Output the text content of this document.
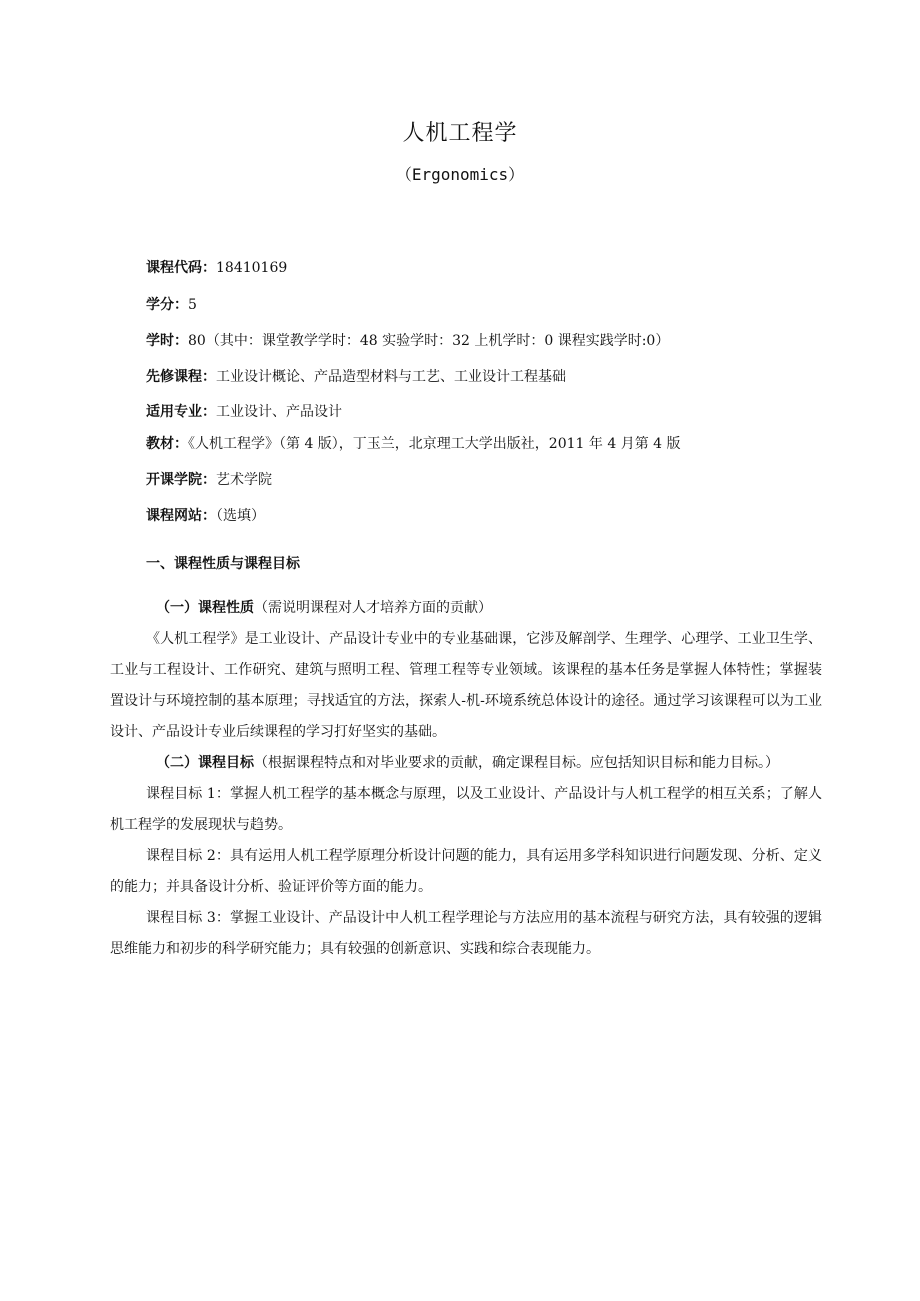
人机工程学
（Ergonomics）
课程代码：18410169
学分：5
学时：80（其中：课堂教学学时：48 实验学时：32 上机学时：0 课程实践学时:0）
先修课程：工业设计概论、产品造型材料与工艺、工业设计工程基础
适用专业：工业设计、产品设计
教材：《人机工程学》（第 4 版），丁玉兰，北京理工大学出版社，2011 年 4 月第 4 版
开课学院：艺术学院
课程网站：（选填）
一、课程性质与课程目标

（一）课程性质（需说明课程对人才培养方面的贡献）

《人机工程学》是工业设计、产品设计专业中的专业基础课，它涉及解剖学、生理学、心理学、工业卫生学、工业与工程设计、工作研究、建筑与照明工程、管理工程等专业领域。该课程的基本任务是掌握人体特性；掌握装置设计与环境控制的基本原理；寻找适宜的方法，探索人-机-环境系统总体设计的途径。通过学习该课程可以为工业设计、产品设计专业后续课程的学习打好坚实的基础。

（二）课程目标（根据课程特点和对毕业要求的贡献，确定课程目标。应包括知识目标和能力目标。）

课程目标 1：掌握人机工程学的基本概念与原理，以及工业设计、产品设计与人机工程学的相互关系；了解人机工程学的发展现状与趋势。

课程目标 2：具有运用人机工程学原理分析设计问题的能力，具有运用多学科知识进行问题发现、分析、定义的能力；并具备设计分析、验证评价等方面的能力。

课程目标 3：掌握工业设计、产品设计中人机工程学理论与方法应用的基本流程与研究方法，具有较强的逻辑思维能力和初步的科学研究能力；具有较强的创新意识、实践和综合表现能力。
